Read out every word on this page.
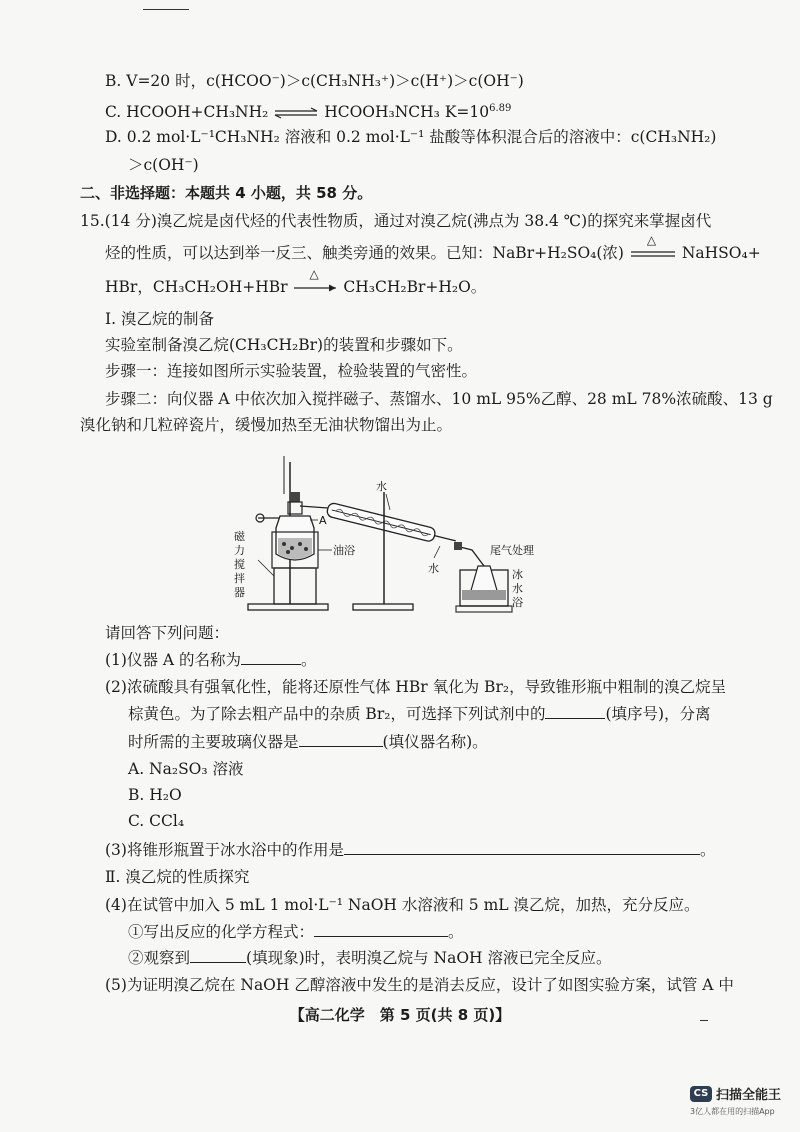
B. V=20 时，c(HCOO⁻)＞c(CH₃NH₃⁺)＞c(H⁺)＞c(OH⁻)
C. HCOOH+CH₃NH₂ ⇌ HCOOH₃NCH₃ $K=10^{6.89}$
D. 0.2 mol·L⁻¹CH₃NH₂ 溶液和 0.2 mol·L⁻¹ 盐酸等体积混合后的溶液中：c(CH₃NH₂)
＞c(OH⁻)
二、非选择题：本题共 4 小题，共 58 分。
15.(14 分)溴乙烷是卤代烃的代表性物质，通过对溴乙烷(沸点为 38.4 ℃)的探究来掌握卤代
烃的性质，可以达到举一反三、触类旁通的效果。已知：NaBr+H₂SO₄(浓)
△
NaHSO₄+
HBr，CH₃CH₂OH+HBr
△
CH₃CH₂Br+H₂O。
Ⅰ. 溴乙烷的制备
实验室制备溴乙烷(CH₃CH₂Br)的装置和步骤如下。
步骤一：连接如图所示实验装置，检验装置的气密性。
步骤二：向仪器 A 中依次加入搅拌磁子、蒸馏水、10 mL 95%乙醇、28 mL 78%浓硫酸、13 g
溴化钠和几粒碎瓷片，缓慢加热至无油状物馏出为止。
油浴
磁
力
搅
拌
器
A
水
水
尾气处理
冰
水
浴
请回答下列问题：
(1)仪器 A 的名称为	。
(2)浓硫酸具有强氧化性，能将还原性气体 HBr 氧化为 Br₂，导致锥形瓶中粗制的溴乙烷呈
棕黄色。为了除去粗产品中的杂质 Br₂，可选择下列试剂中的	(填序号)，分离
时所需的主要玻璃仪器是	(填仪器名称)。
A. Na₂SO₃ 溶液
B. H₂O
C. CCl₄
(3)将锥形瓶置于冰水浴中的作用是	。
Ⅱ. 溴乙烷的性质探究
(4)在试管中加入 5 mL 1 mol·L⁻¹ NaOH 水溶液和 5 mL 溴乙烷，加热，充分反应。
①写出反应的化学方程式：	。
②观察到	(填现象)时，表明溴乙烷与 NaOH 溶液已完全反应。
(5)为证明溴乙烷在 NaOH 乙醇溶液中发生的是消去反应，设计了如图实验方案，试管 A 中
【高二化学　第 5 页(共 8 页)】
CS 扫描全能王
3亿人都在用的扫描App
